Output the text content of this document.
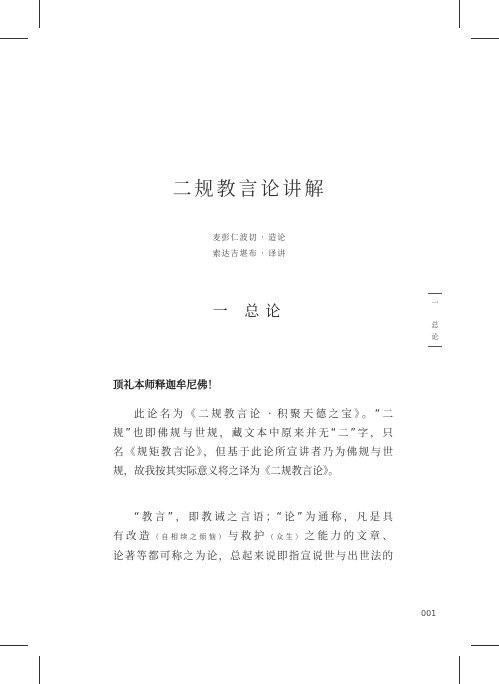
二规教言论讲解
麦彭仁波切 · 造论
索达吉堪布 · 译讲
一 总论	一
总
论
顶礼本师释迦牟尼佛！
此论名为《二规教言论 · 积聚天德之宝》。“二
规”也即佛规与世规，藏文本中原来并无“二”字，只
名《规矩教言论》，但基于此论所宣讲者乃为佛规与世
规，故我按其实际意义将之译为《二规教言论》。
“教言”，即教诫之言语；“论”为通称，凡是具
有改造（自相续之烦恼）与救护（众生）之能力的文章、
论著等都可称之为论，总起来说即指宣说世与出世法的
001
